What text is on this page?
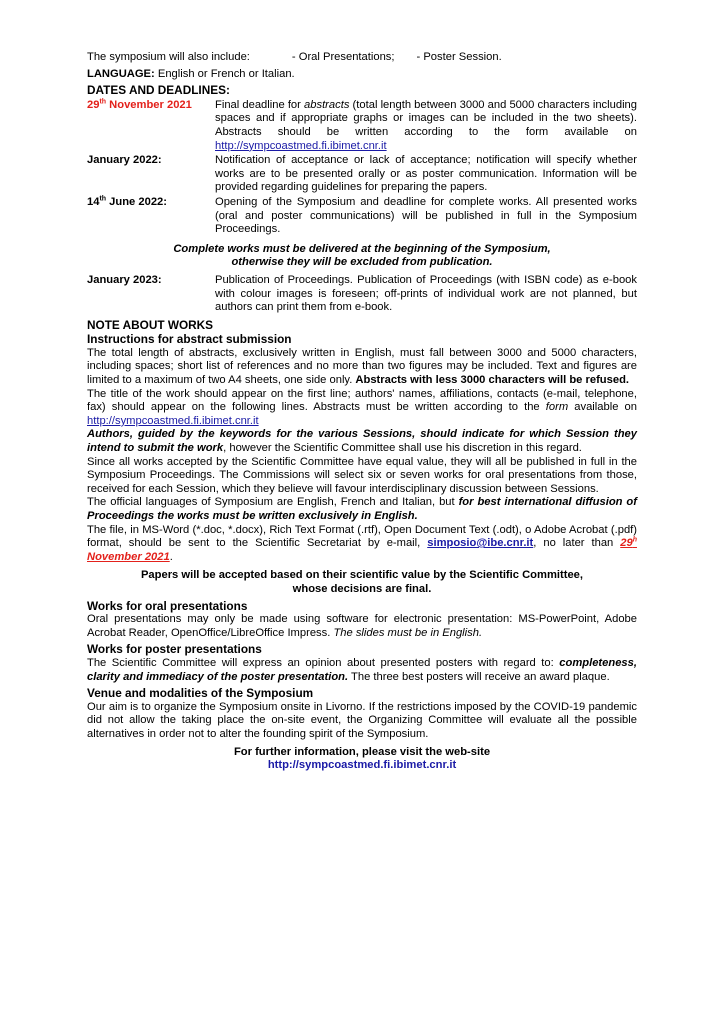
The symposium will also include:	- Oral Presentations; - Poster Session.

LANGUAGE: English or French or Italian.

DATES AND DEADLINES:
29th November 2021	Final deadline for abstracts (total length between 3000 and 5000 characters including spaces and if appropriate graphs or images can be included in the two sheets). Abstracts should be written according to the form available on http://sympcoastmed.fi.ibimet.cnr.it
January 2022:	Notification of acceptance or lack of acceptance; notification will specify whether works are to be presented orally or as poster communication. Information will be provided regarding guidelines for preparing the papers.
14th June 2022:	Opening of the Symposium and deadline for complete works. All presented works (oral and poster communications) will be published in full in the Symposium Proceedings.

Complete works must be delivered at the beginning of the Symposium,
otherwise they will be excluded from publication.

January 2023:	Publication of Proceedings. Publication of Proceedings (with ISBN code) as e-book with colour images is foreseen; off-prints of individual work are not planned, but authors can print them from e-book.
NOTE ABOUT WORKS
Instructions for abstract submission

The total length of abstracts, exclusively written in English, must fall between 3000 and 5000 characters, including spaces; short list of references and no more than two figures may be included. Text and figures are limited to a maximum of two A4 sheets, one side only. Abstracts with less 3000 characters will be refused.

The title of the work should appear on the first line; authors' names, affiliations, contacts (e-mail, telephone, fax) should appear on the following lines. Abstracts must be written according to the form available on http://sympcoastmed.fi.ibimet.cnr.it

Authors, guided by the keywords for the various Sessions, should indicate for which Session they intend to submit the work, however the Scientific Committee shall use his discretion in this regard.

Since all works accepted by the Scientific Committee have equal value, they will all be published in full in the Symposium Proceedings. The Commissions will select six or seven works for oral presentations from those, received for each Session, which they believe will favour interdisciplinary discussion between Sessions.

The official languages of Symposium are English, French and Italian, but for best international diffusion of Proceedings the works must be written exclusively in English.

The file, in MS-Word (*.doc, *.docx), Rich Text Format (.rtf), Open Document Text (.odt), o Adobe Acrobat (.pdf) format, should be sent to the Scientific Secretariat by e-mail, simposio@ibe.cnr.it, no later than 29$^h$ November 2021.

Papers will be accepted based on their scientific value by the Scientific Committee,
whose decisions are final.

Works for oral presentations

Oral presentations may only be made using software for electronic presentation: MS-PowerPoint, Adobe Acrobat Reader, OpenOffice/LibreOffice Impress. The slides must be in English.

Works for poster presentations

The Scientific Committee will express an opinion about presented posters with regard to: completeness, clarity and immediacy of the poster presentation. The three best posters will receive an award plaque.

Venue and modalities of the Symposium

Our aim is to organize the Symposium onsite in Livorno. If the restrictions imposed by the COVID-19 pandemic did not allow the taking place the on-site event, the Organizing Committee will evaluate all the possible alternatives in order not to alter the founding spirit of the Symposium.

For further information, please visit the web-site
http://sympcoastmed.fi.ibimet.cnr.it
